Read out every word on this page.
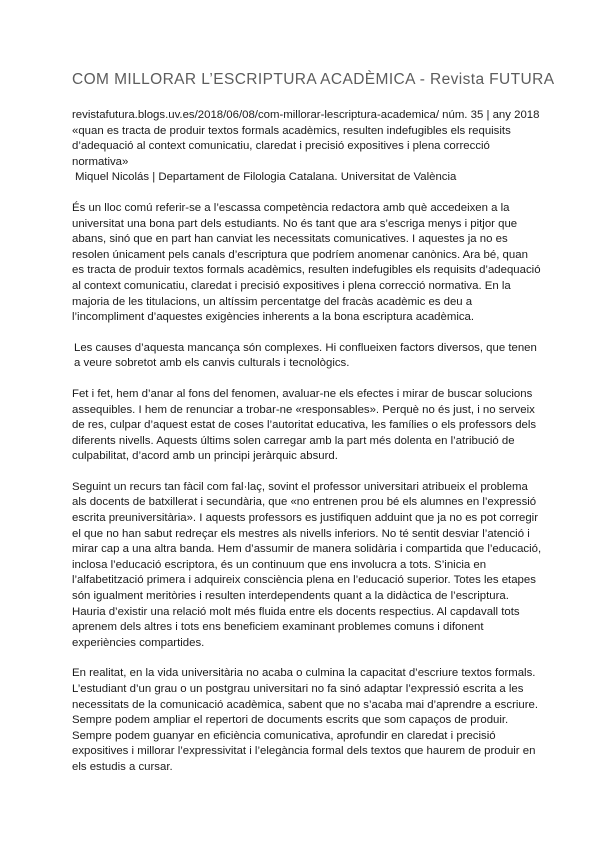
COM MILLORAR L’ESCRIPTURA ACADÈMICA - Revista FUTURA
revistafutura.blogs.uv.es/2018/06/08/com-millorar-lescriptura-academica/ núm. 35 | any 2018
«quan es tracta de produir textos formals acadèmics, resulten indefugibles els requisits d’adequació al context comunicatiu, claredat i precisió expositives i plena correcció normativa»
Miquel Nicolás | Departament de Filologia Catalana. Universitat de València

És un lloc comú referir-se a l’escassa competència redactora amb què accedeixen a la universitat una bona part dels estudiants. No és tant que ara s’escriga menys i pitjor que abans, sinó que en part han canviat les necessitats comunicatives. I aquestes ja no es resolen únicament pels canals d’escriptura que podríem anomenar canònics. Ara bé, quan es tracta de produir textos formals acadèmics, resulten indefugibles els requisits d’adequació al context comunicatiu, claredat i precisió expositives i plena correcció normativa. En la majoria de les titulacions, un altíssim percentatge del fracàs acadèmic es deu a l’incompliment d’aquestes exigències inherents a la bona escriptura acadèmica.

Les causes d’aquesta mancança són complexes. Hi conflueixen factors diversos, que tenen a veure sobretot amb els canvis culturals i tecnològics.

Fet i fet, hem d’anar al fons del fenomen, avaluar-ne els efectes i mirar de buscar solucions assequibles. I hem de renunciar a trobar-ne «responsables». Perquè no és just, i no serveix de res, culpar d’aquest estat de coses l’autoritat educativa, les famílies o els professors dels diferents nivells. Aquests últims solen carregar amb la part més dolenta en l’atribució de culpabilitat, d’acord amb un principi jeràrquic absurd.

Seguint un recurs tan fàcil com fal·laç, sovint el professor universitari atribueix el problema als docents de batxillerat i secundària, que «no entrenen prou bé els alumnes en l’expressió escrita preuniversitària». I aquests professors es justifiquen adduint que ja no es pot corregir el que no han sabut redreçar els mestres als nivells inferiors. No té sentit desviar l’atenció i mirar cap a una altra banda. Hem d’assumir de manera solidària i compartida que l’educació, inclosa l’educació escriptora, és un continuum que ens involucra a tots. S’inicia en l’alfabetització primera i adquireix consciència plena en l’educació superior. Totes les etapes són igualment meritòries i resulten interdependents quant a la didàctica de l’escriptura. Hauria d’existir una relació molt més fluida entre els docents respectius. Al capdavall tots aprenem dels altres i tots ens beneficiem examinant problemes comuns i difonent experiències compartides.

En realitat, en la vida universitària no acaba o culmina la capacitat d’escriure textos formals. L’estudiant d’un grau o un postgrau universitari no fa sinó adaptar l’expressió escrita a les necessitats de la comunicació acadèmica, sabent que no s’acaba mai d’aprendre a escriure. Sempre podem ampliar el repertori de documents escrits que som capaços de produir. Sempre podem guanyar en eficiència comunicativa, aprofundir en claredat i precisió expositives i millorar l’expressivitat i l’elegància formal dels textos que haurem de produir en els estudis a cursar.
